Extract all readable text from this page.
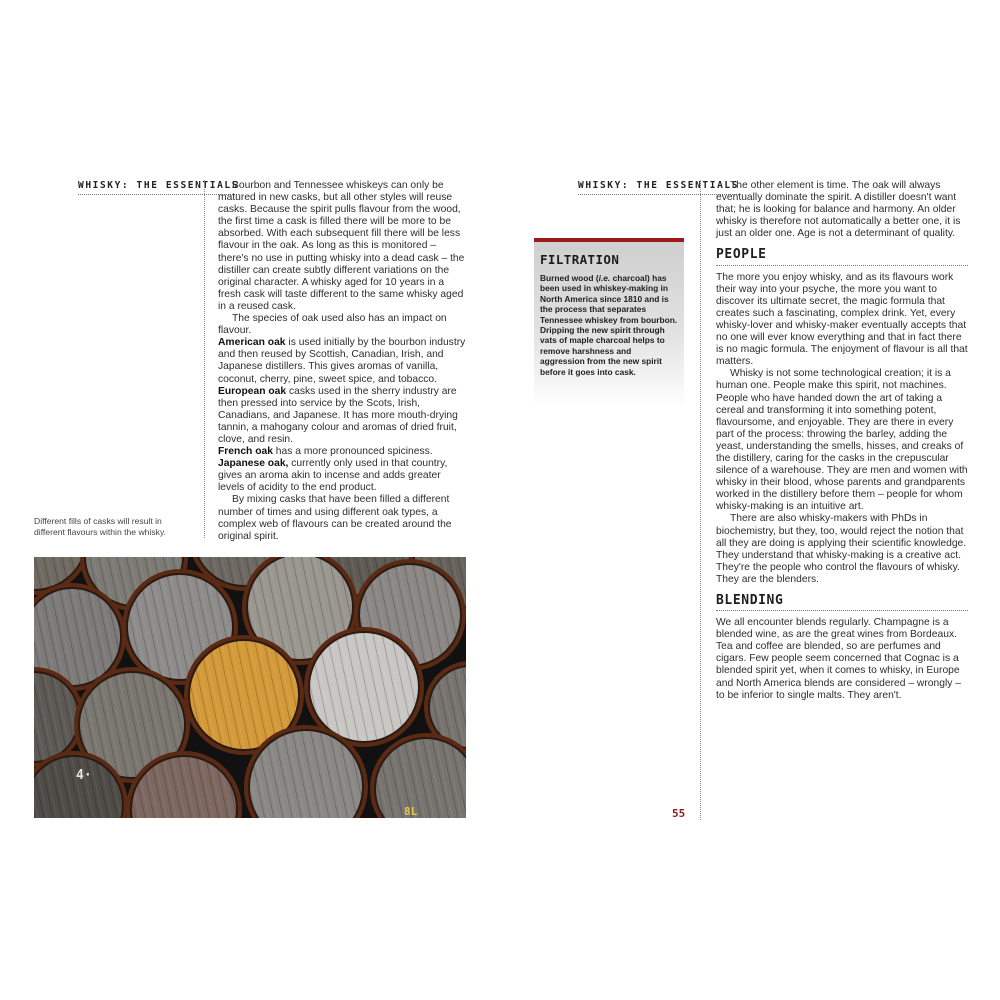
WHISKY: THE ESSENTIALS	WHISKY: THE ESSENTIALS

Bourbon and Tennessee whiskeys can only be matured in new casks, but all other styles will reuse casks. Because the spirit pulls flavour from the wood, the first time a cask is filled there will be more to be absorbed. With each subsequent fill there will be less flavour in the oak. As long as this is monitored – there's no use in putting whisky into a dead cask – the distiller can create subtly different variations on the original character. A whisky aged for 10 years in a fresh cask will taste different to the same whisky aged in a reused cask.

The species of oak used also has an impact on flavour.

American oak is used initially by the bourbon industry and then reused by Scottish, Canadian, Irish, and Japanese distillers. This gives aromas of vanilla, coconut, cherry, pine, sweet spice, and tobacco.

European oak casks used in the sherry industry are then pressed into service by the Scots, Irish, Canadians, and Japanese. It has more mouth-drying tannin, a mahogany colour and aromas of dried fruit, clove, and resin.

French oak has a more pronounced spiciness.

Japanese oak, currently only used in that country, gives an aroma akin to incense and adds greater levels of acidity to the end product.

By mixing casks that have been filled a different number of times and using different oak types, a complex web of flavours can be created around the original spirit.

Different fills of casks will result in different flavours within the whisky.
4·
8L
FILTRATION
Burned wood (i.e. charcoal) has been used in whiskey-making in North America since 1810 and is the process that separates Tennessee whiskey from bourbon. Dripping the new spirit through vats of maple charcoal helps to remove harshness and aggression from the new spirit before it goes into cask.

The other element is time. The oak will always eventually dominate the spirit. A distiller doesn't want that; he is looking for balance and harmony. An older whisky is therefore not automatically a better one, it is just an older one. Age is not a determinant of quality.

PEOPLE

The more you enjoy whisky, and as its flavours work their way into your psyche, the more you want to discover its ultimate secret, the magic formula that creates such a fascinating, complex drink. Yet, every whisky-lover and whisky-maker eventually accepts that no one will ever know everything and that in fact there is no magic formula. The enjoyment of flavour is all that matters.

Whisky is not some technological creation; it is a human one. People make this spirit, not machines. People who have handed down the art of taking a cereal and transforming it into something potent, flavoursome, and enjoyable. They are there in every part of the process: throwing the barley, adding the yeast, understanding the smells, hisses, and creaks of the distillery, caring for the casks in the crepuscular silence of a warehouse. They are men and women with whisky in their blood, whose parents and grandparents worked in the distillery before them – people for whom whisky-making is an intuitive art.

There are also whisky-makers with PhDs in biochemistry, but they, too, would reject the notion that all they are doing is applying their scientific knowledge. They understand that whisky-making is a creative act. They're the people who control the flavours of whisky. They are the blenders.

BLENDING

We all encounter blends regularly. Champagne is a blended wine, as are the great wines from Bordeaux. Tea and coffee are blended, so are perfumes and cigars. Few people seem concerned that Cognac is a blended spirit yet, when it comes to whisky, in Europe and North America blends are considered – wrongly – to be inferior to single malts. They aren't.

55
